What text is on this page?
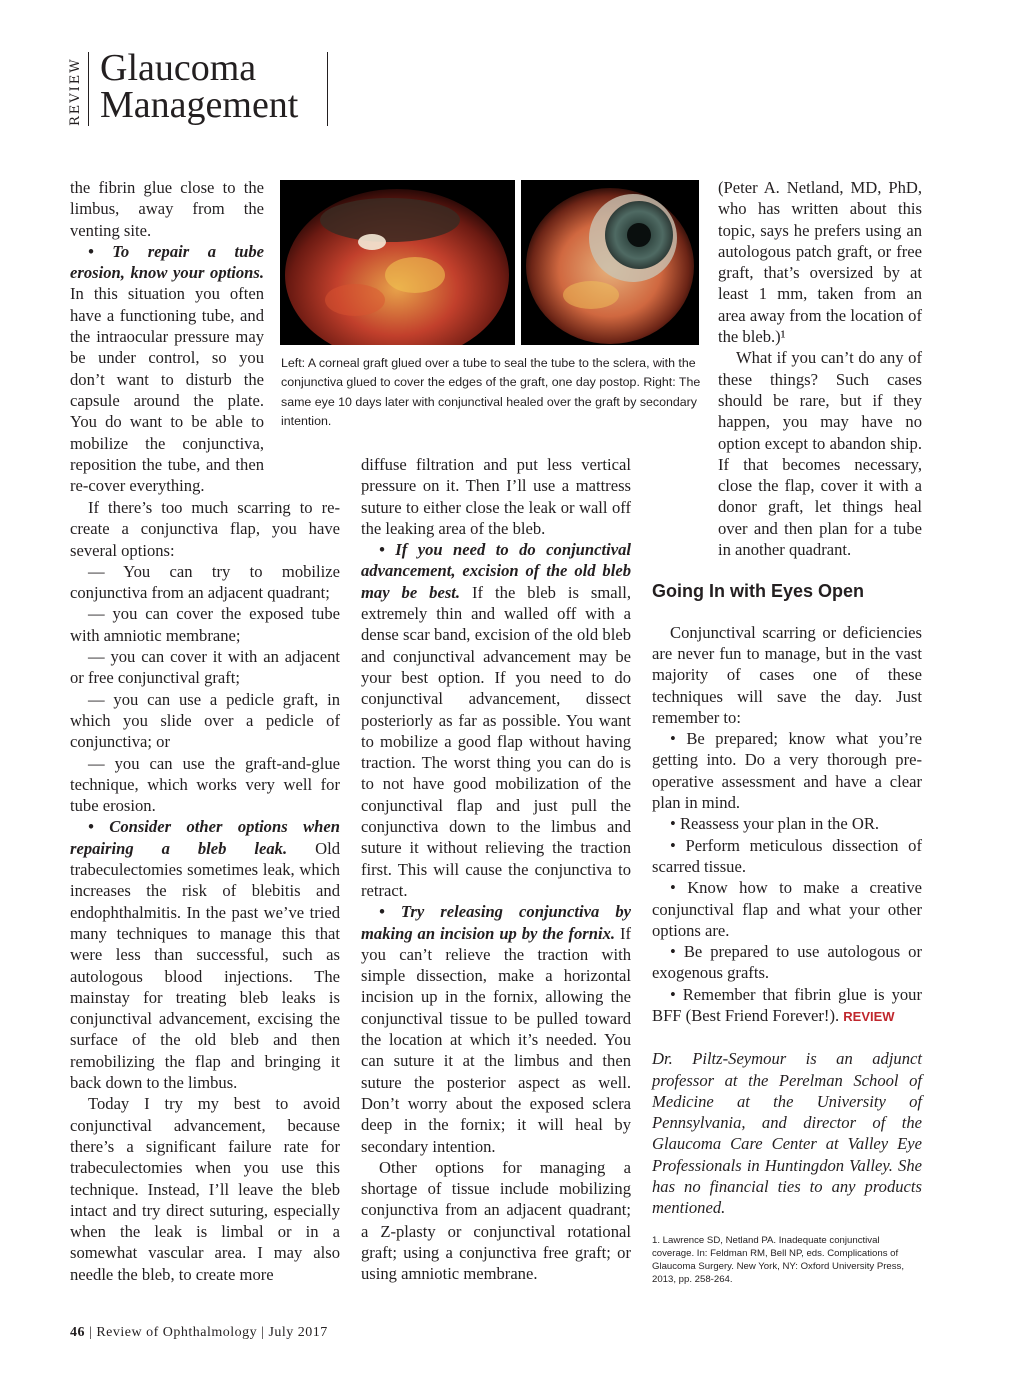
REVIEW Glaucoma
Management
Left: A corneal graft glued over a tube to seal the tube to the sclera, with the conjunctiva glued to cover the edges of the graft, one day postop. Right: The same eye 10 days later with conjunctival healed over the graft by secondary intention.

the fibrin glue close to the limbus, away from the venting site.

• To repair a tube erosion, know your options. In this situation you often have a functioning tube, and the intraocular pressure may be under control, so you don’t want to disturb the capsule around the plate. You do want to be able to mobilize the conjunctiva, reposition the tube, and then re-cover everything.

If there’s too much scarring to re-create a conjunctiva flap, you have several options:

— You can try to mobilize conjunctiva from an adjacent quadrant;

— you can cover the exposed tube with amniotic membrane;

— you can cover it with an adjacent or free conjunctival graft;

— you can use a pedicle graft, in which you slide over a pedicle of conjunctiva; or

— you can use the graft-and-glue technique, which works very well for tube erosion.

• Consider other options when repairing a bleb leak. Old trabeculectomies sometimes leak, which increases the risk of blebitis and endophthalmitis. In the past we’ve tried many techniques to manage this that were less than successful, such as autologous blood injections. The mainstay for treating bleb leaks is conjunctival advancement, excising the surface of the old bleb and then remobilizing the flap and bringing it back down to the limbus.

Today I try my best to avoid conjunctival advancement, because there’s a significant failure rate for trabeculectomies when you use this technique. Instead, I’ll leave the bleb intact and try direct suturing, especially when the leak is limbal or in a somewhat vascular area. I may also needle the bleb, to create more

diffuse filtration and put less vertical pressure on it. Then I’ll use a mattress suture to either close the leak or wall off the leaking area of the bleb.

• If you need to do conjunctival advancement, excision of the old bleb may be best. If the bleb is small, extremely thin and walled off with a dense scar band, excision of the old bleb and conjunctival advancement may be your best option. If you need to do conjunctival advancement, dissect posteriorly as far as possible. You want to mobilize a good flap without having traction. The worst thing you can do is to not have good mobilization of the conjunctival flap and just pull the conjunctiva down to the limbus and suture it without relieving the traction first. This will cause the conjunctiva to retract.

• Try releasing conjunctiva by making an incision up by the fornix. If you can’t relieve the traction with simple dissection, make a horizontal incision up in the fornix, allowing the conjunctival tissue to be pulled toward the location at which it’s needed. You can suture it at the limbus and then suture the posterior aspect as well. Don’t worry about the exposed sclera deep in the fornix; it will heal by secondary intention.

Other options for managing a shortage of tissue include mobilizing conjunctiva from an adjacent quadrant; a Z-plasty or conjunctival rotational graft; using a conjunctiva free graft; or using amniotic membrane.

(Peter A. Netland, MD, PhD, who has written about this topic, says he prefers using an autologous patch graft, or free graft, that’s oversized by at least 1 mm, taken from an area away from the location of the bleb.)¹

What if you can’t do any of these things? Such cases should be rare, but if they happen, you may have no option except to abandon ship. If that becomes necessary, close the flap, cover it with a donor graft, let things heal over and then plan for a tube in another quadrant.

Going In with Eyes Open

Conjunctival scarring or deficiencies are never fun to manage, but in the vast majority of cases one of these techniques will save the day. Just remember to:

• Be prepared; know what you’re getting into. Do a very thorough pre-operative assessment and have a clear plan in mind.

• Reassess your plan in the OR.

• Perform meticulous dissection of scarred tissue.

• Know how to make a creative conjunctival flap and what your other options are.

• Be prepared to use autologous or exogenous grafts.

• Remember that fibrin glue is your BFF (Best Friend Forever!). REVIEW

Dr. Piltz-Seymour is an adjunct professor at the Perelman School of Medicine at the University of Pennsylvania, and director of the Glaucoma Care Center at Valley Eye Professionals in Huntingdon Valley. She has no financial ties to any products mentioned.

1. Lawrence SD, Netland PA. Inadequate conjunctival coverage. In: Feldman RM, Bell NP, eds. Complications of Glaucoma Surgery. New York, NY: Oxford University Press, 2013, pp. 258-264.

46 | Review of Ophthalmology | July 2017
